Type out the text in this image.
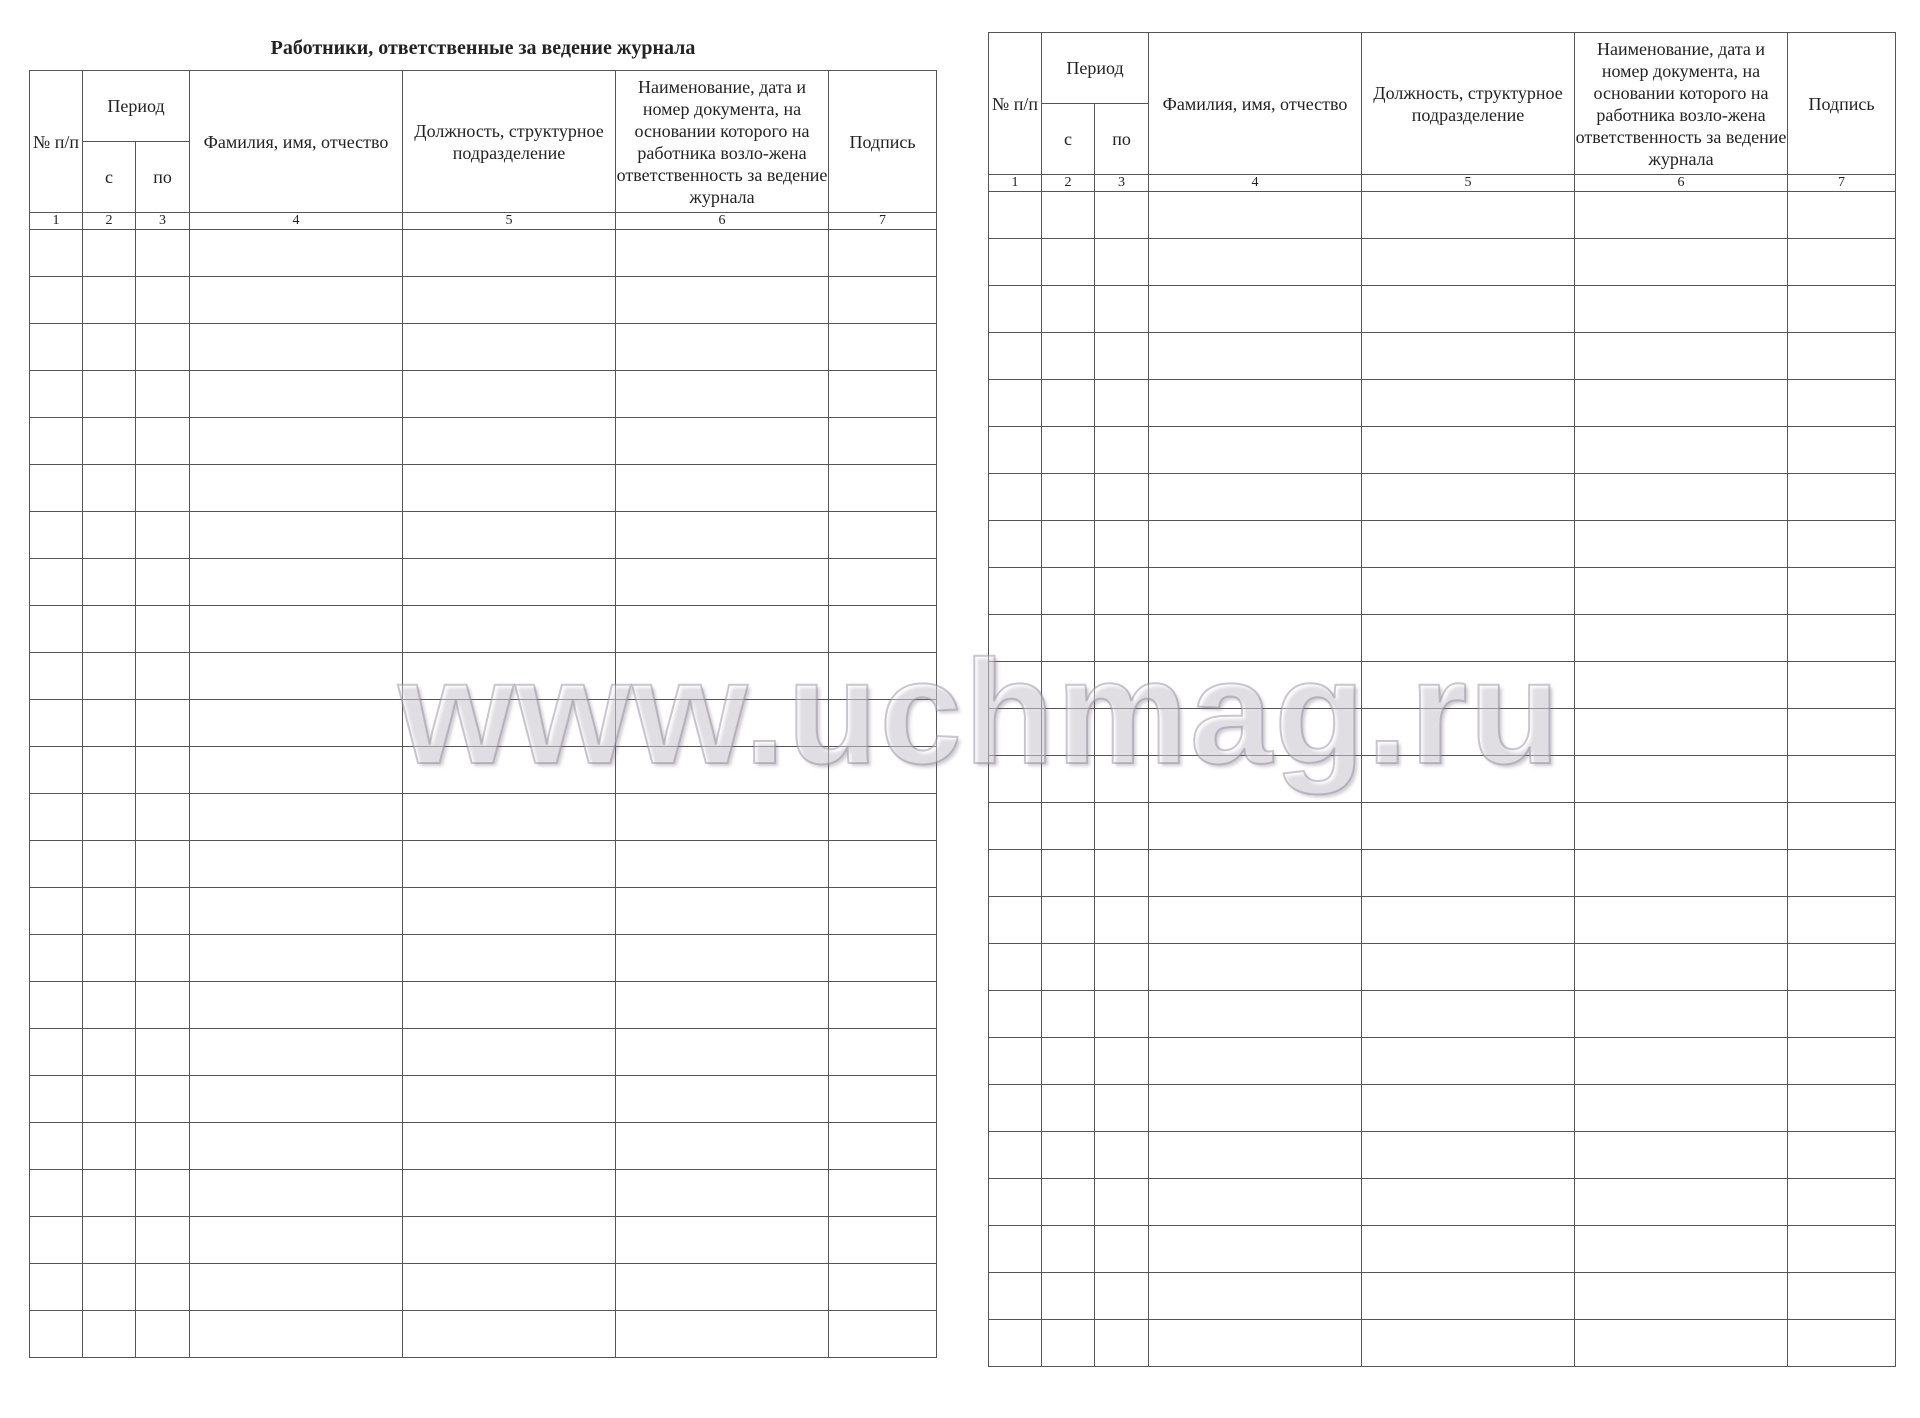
Работники, ответственные за ведение журнала
№ п/п	Период		Фамилия, имя, отчество	Должность, структурное подразделение	Наименование, дата и номер документа, на основании которого на работника возло-жена ответственность за ведение журнала	Подпись
	с	по				
1	2	3	4	5	6	7

№ п/п	Период		Фамилия, имя, отчество	Должность, структурное подразделение	Наименование, дата и номер документа, на основании которого на работника возло-жена ответственность за ведение журнала	Подпись
	с	по				
1	2	3	4	5	6	7

www.uchmag.ru
